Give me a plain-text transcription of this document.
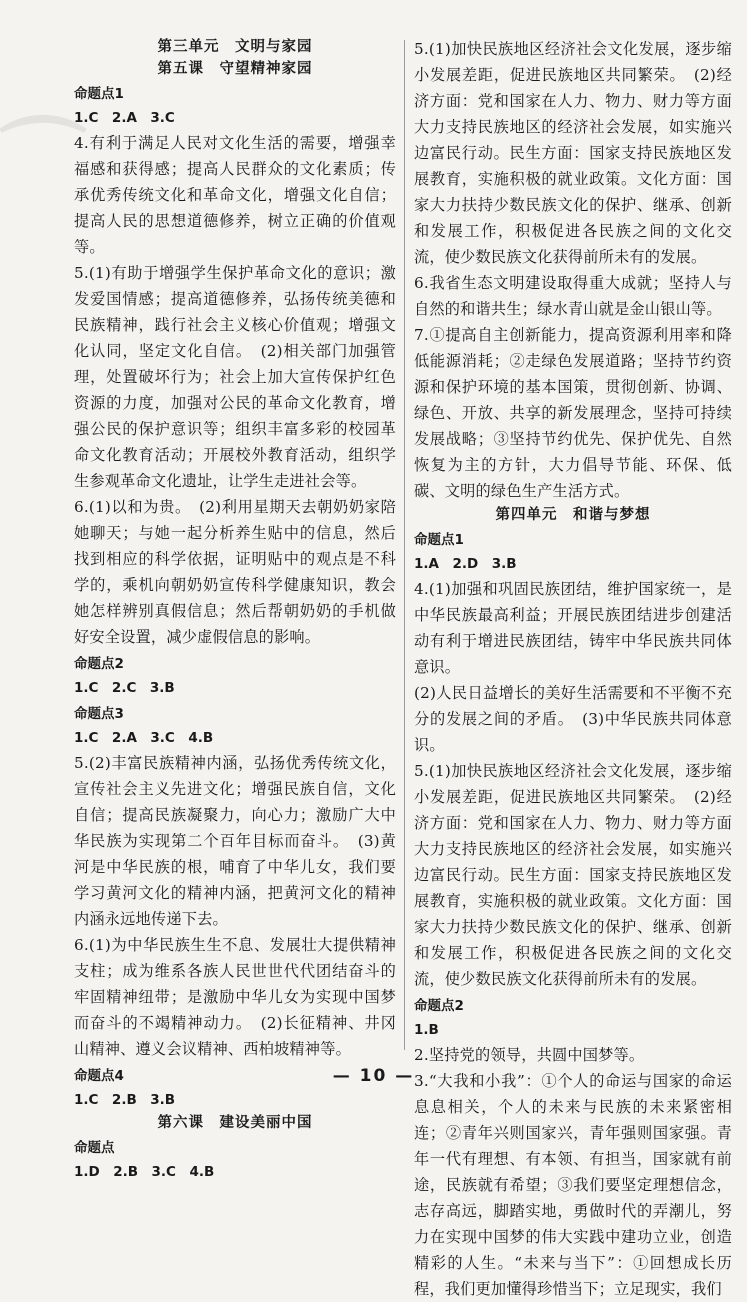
⌒
第三单元　文明与家园
第五课　守望精神家园
命题点1
1.C　2.A　3.C
4.有利于满足人民对文化生活的需要，增强幸福感和获得感；提高人民群众的文化素质；传承优秀传统文化和革命文化，增强文化自信；提高人民的思想道德修养，树立正确的价值观等。
5.(1)有助于增强学生保护革命文化的意识；激发爱国情感；提高道德修养，弘扬传统美德和民族精神，践行社会主义核心价值观；增强文化认同，坚定文化自信。　(2)相关部门加强管理，处置破坏行为；社会上加大宣传保护红色资源的力度，加强对公民的革命文化教育，增强公民的保护意识等；组织丰富多彩的校园革命文化教育活动；开展校外教育活动，组织学生参观革命文化遗址，让学生走进社会等。
6.(1)以和为贵。　(2)利用星期天去朝奶奶家陪她聊天；与她一起分析养生贴中的信息，然后找到相应的科学依据，证明贴中的观点是不科学的，乘机向朝奶奶宣传科学健康知识，教会她怎样辨别真假信息；然后帮朝奶奶的手机做好安全设置，减少虚假信息的影响。
命题点2
1.C　2.C　3.B
命题点3
1.C　2.A　3.C　4.B
5.(2)丰富民族精神内涵，弘扬优秀传统文化，宣传社会主义先进文化；增强民族自信，文化自信；提高民族凝聚力，向心力；激励广大中华民族为实现第二个百年目标而奋斗。　(3)黄河是中华民族的根，哺育了中华儿女，我们要学习黄河文化的精神内涵，把黄河文化的精神内涵永远地传递下去。
6.(1)为中华民族生生不息、发展壮大提供精神支柱；成为维系各族人民世世代代团结奋斗的牢固精神纽带；是激励中华儿女为实现中国梦而奋斗的不竭精神动力。　(2)长征精神、井冈山精神、遵义会议精神、西柏坡精神等。
命题点4
1.C　2.B　3.B
第六课　建设美丽中国
命题点
1.D　2.B　3.C　4.B
5.(1)加快民族地区经济社会文化发展，逐步缩小发展差距，促进民族地区共同繁荣。　(2)经济方面：党和国家在人力、物力、财力等方面大力支持民族地区的经济社会发展，如实施兴边富民行动。民生方面：国家支持民族地区发展教育，实施积极的就业政策。文化方面：国家大力扶持少数民族文化的保护、继承、创新和发展工作，积极促进各民族之间的文化交流，使少数民族文化获得前所未有的发展。
6.我省生态文明建设取得重大成就；坚持人与自然的和谐共生；绿水青山就是金山银山等。
7.①提高自主创新能力，提高资源利用率和降低能源消耗；②走绿色发展道路；坚持节约资源和保护环境的基本国策，贯彻创新、协调、绿色、开放、共享的新发展理念，坚持可持续发展战略；③坚持节约优先、保护优先、自然恢复为主的方针，大力倡导节能、环保、低碳、文明的绿色生产生活方式。
第四单元　和谐与梦想
命题点1
1.A　2.D　3.B
4.(1)加强和巩固民族团结，维护国家统一，是中华民族最高利益；开展民族团结进步创建活动有利于增进民族团结，铸牢中华民族共同体意识。
(2)人民日益增长的美好生活需要和不平衡不充分的发展之间的矛盾。　(3)中华民族共同体意识。
5.(1)加快民族地区经济社会文化发展，逐步缩小发展差距，促进民族地区共同繁荣。　(2)经济方面：党和国家在人力、物力、财力等方面大力支持民族地区的经济社会发展，如实施兴边富民行动。民生方面：国家支持民族地区发展教育，实施积极的就业政策。文化方面：国家大力扶持少数民族文化的保护、继承、创新和发展工作，积极促进各民族之间的文化交流，使少数民族文化获得前所未有的发展。
命题点2
1.B
2.坚持党的领导，共圆中国梦等。
3.“大我和小我”：①个人的命运与国家的命运息息相关，个人的未来与民族的未来紧密相连；②青年兴则国家兴，青年强则国家强。青年一代有理想、有本领、有担当，国家就有前途，民族就有希望；③我们要坚定理想信念，志存高远，脚踏实地，勇做时代的弄潮儿，努力在实现中国梦的伟大实践中建功立业，创造精彩的人生。“未来与当下”：①回想成长历程，我们更加懂得珍惜当下；立足现实，我们
— 10 —
